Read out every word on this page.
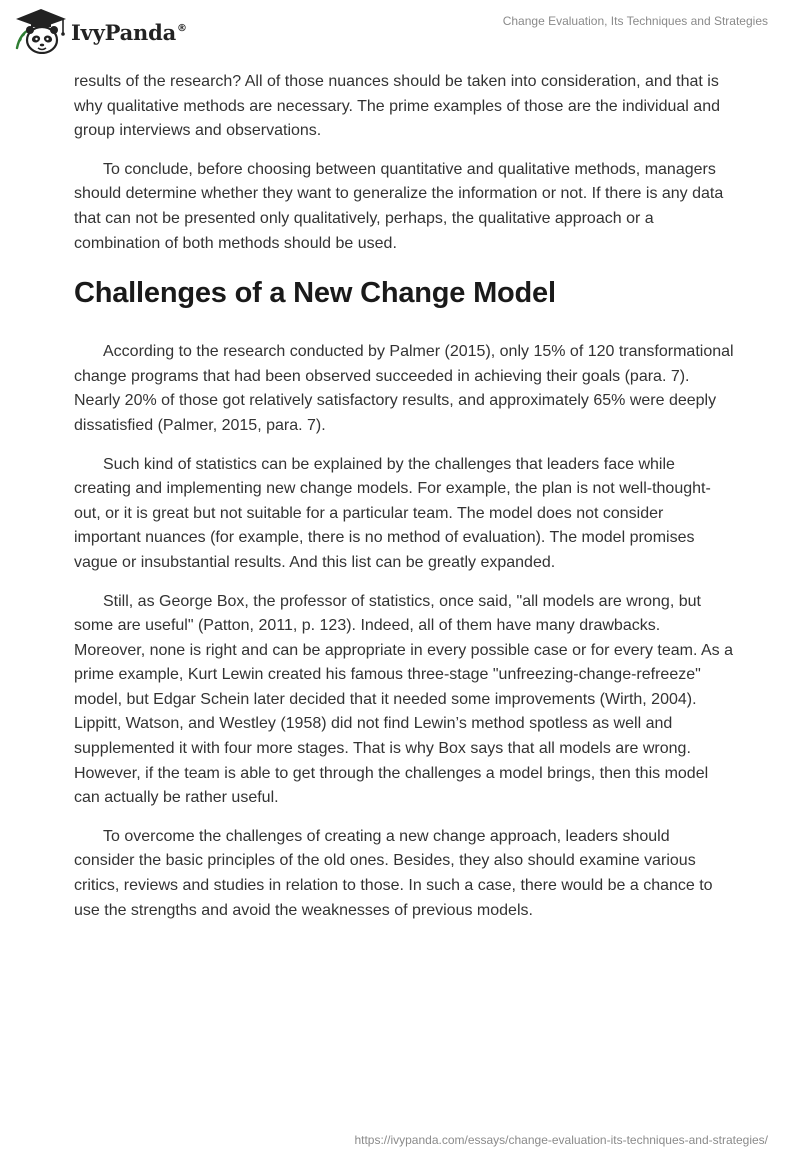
IvyPanda®	Change Evaluation, Its Techniques and Strategies

results of the research? All of those nuances should be taken into consideration, and that is why qualitative methods are necessary. The prime examples of those are the individual and group interviews and observations.

To conclude, before choosing between quantitative and qualitative methods, managers should determine whether they want to generalize the information or not. If there is any data that can not be presented only qualitatively, perhaps, the qualitative approach or a combination of both methods should be used.

Challenges of a New Change Model

According to the research conducted by Palmer (2015), only 15% of 120 transformational change programs that had been observed succeeded in achieving their goals (para. 7). Nearly 20% of those got relatively satisfactory results, and approximately 65% were deeply dissatisfied (Palmer, 2015, para. 7).

Such kind of statistics can be explained by the challenges that leaders face while creating and implementing new change models. For example, the plan is not well-thought-out, or it is great but not suitable for a particular team. The model does not consider important nuances (for example, there is no method of evaluation). The model promises vague or insubstantial results. And this list can be greatly expanded.

Still, as George Box, the professor of statistics, once said, "all models are wrong, but some are useful" (Patton, 2011, p. 123). Indeed, all of them have many drawbacks. Moreover, none is right and can be appropriate in every possible case or for every team. As a prime example, Kurt Lewin created his famous three-stage "unfreezing-change-refreeze" model, but Edgar Schein later decided that it needed some improvements (Wirth, 2004). Lippitt, Watson, and Westley (1958) did not find Lewin’s method spotless as well and supplemented it with four more stages. That is why Box says that all models are wrong. However, if the team is able to get through the challenges a model brings, then this model can actually be rather useful.

To overcome the challenges of creating a new change approach, leaders should consider the basic principles of the old ones. Besides, they also should examine various critics, reviews and studies in relation to those. In such a case, there would be a chance to use the strengths and avoid the weaknesses of previous models.

https://ivypanda.com/essays/change-evaluation-its-techniques-and-strategies/
